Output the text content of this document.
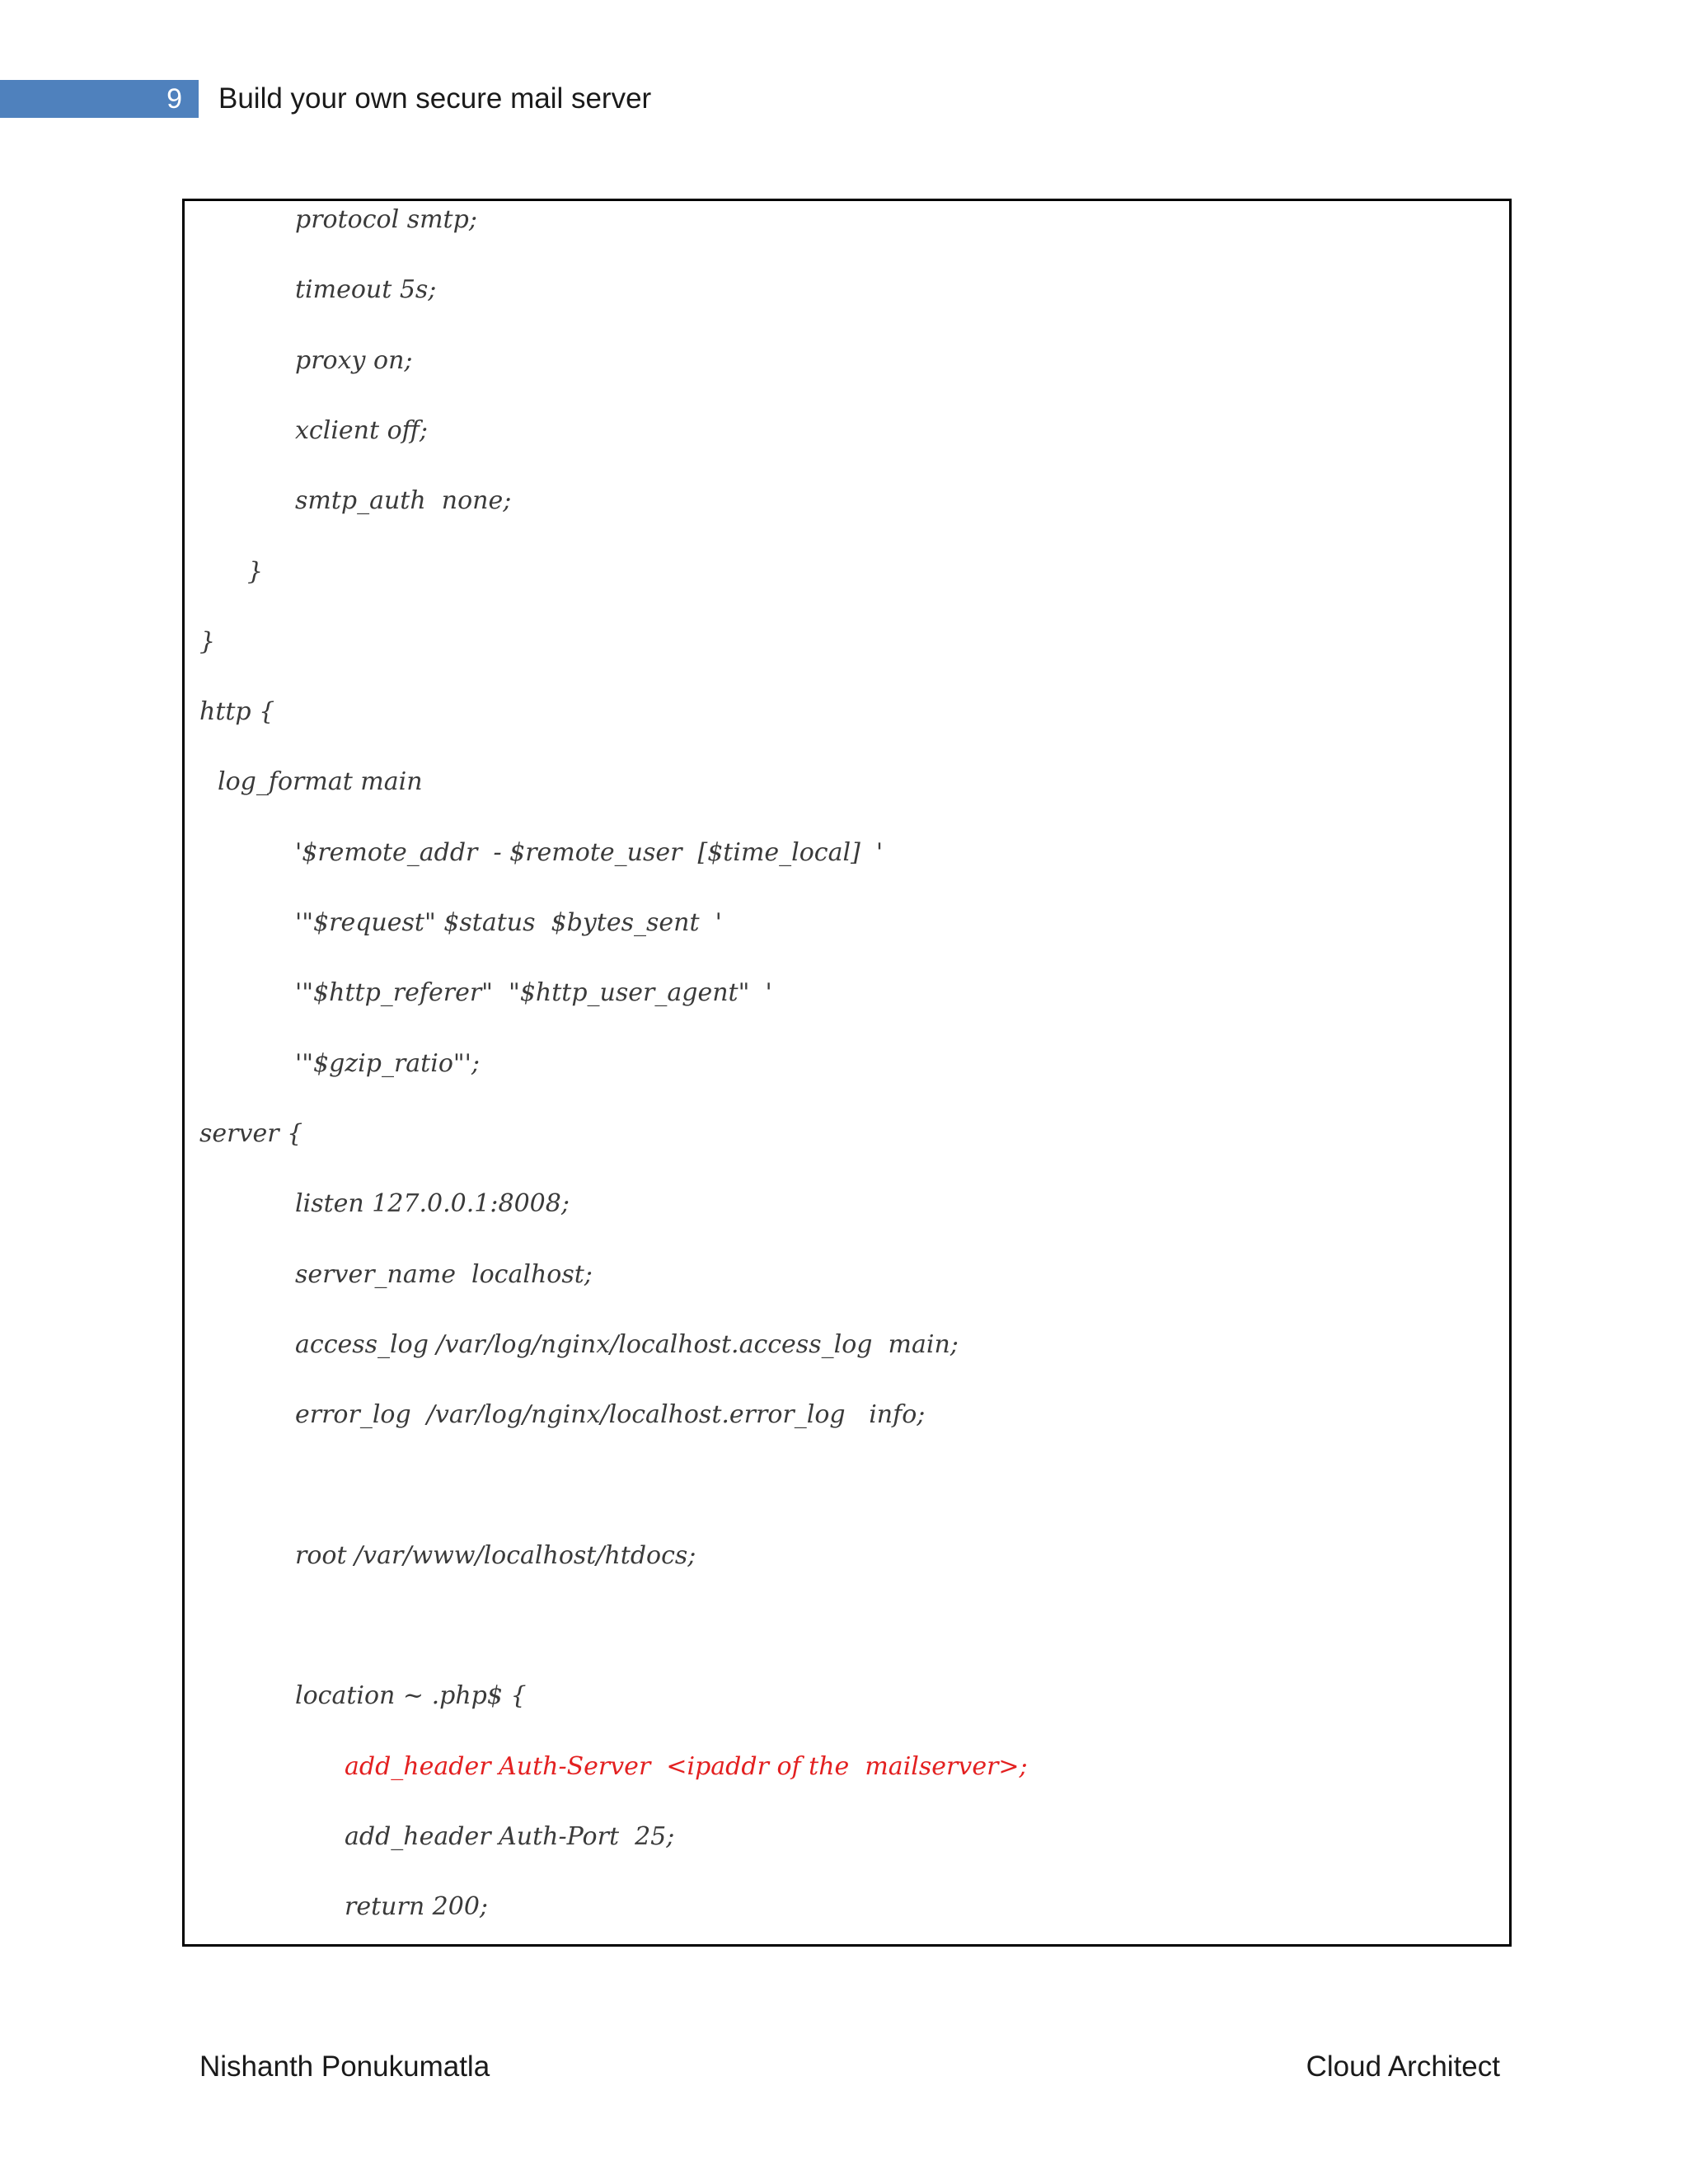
9	Build your own secure mail server
protocol smtp;
timeout 5s;
proxy on;
xclient off;
smtp_auth  none;
}
}
http {
log_format main
'$remote_addr  - $remote_user  [$time_local]  '
'"$request" $status  $bytes_sent  '
'"$http_referer"  "$http_user_agent"  '
'"$gzip_ratio"';
server {
listen 127.0.0.1:8008;
server_name  localhost;
access_log /var/log/nginx/localhost.access_log  main;
error_log  /var/log/nginx/localhost.error_log   info;
root /var/www/localhost/htdocs;
location ~ .php$ {
add_header Auth-Server  <ipaddr of the  mailserver>;
add_header Auth-Port  25;
return 200;
Nishanth Ponukumatla	Cloud Architect
